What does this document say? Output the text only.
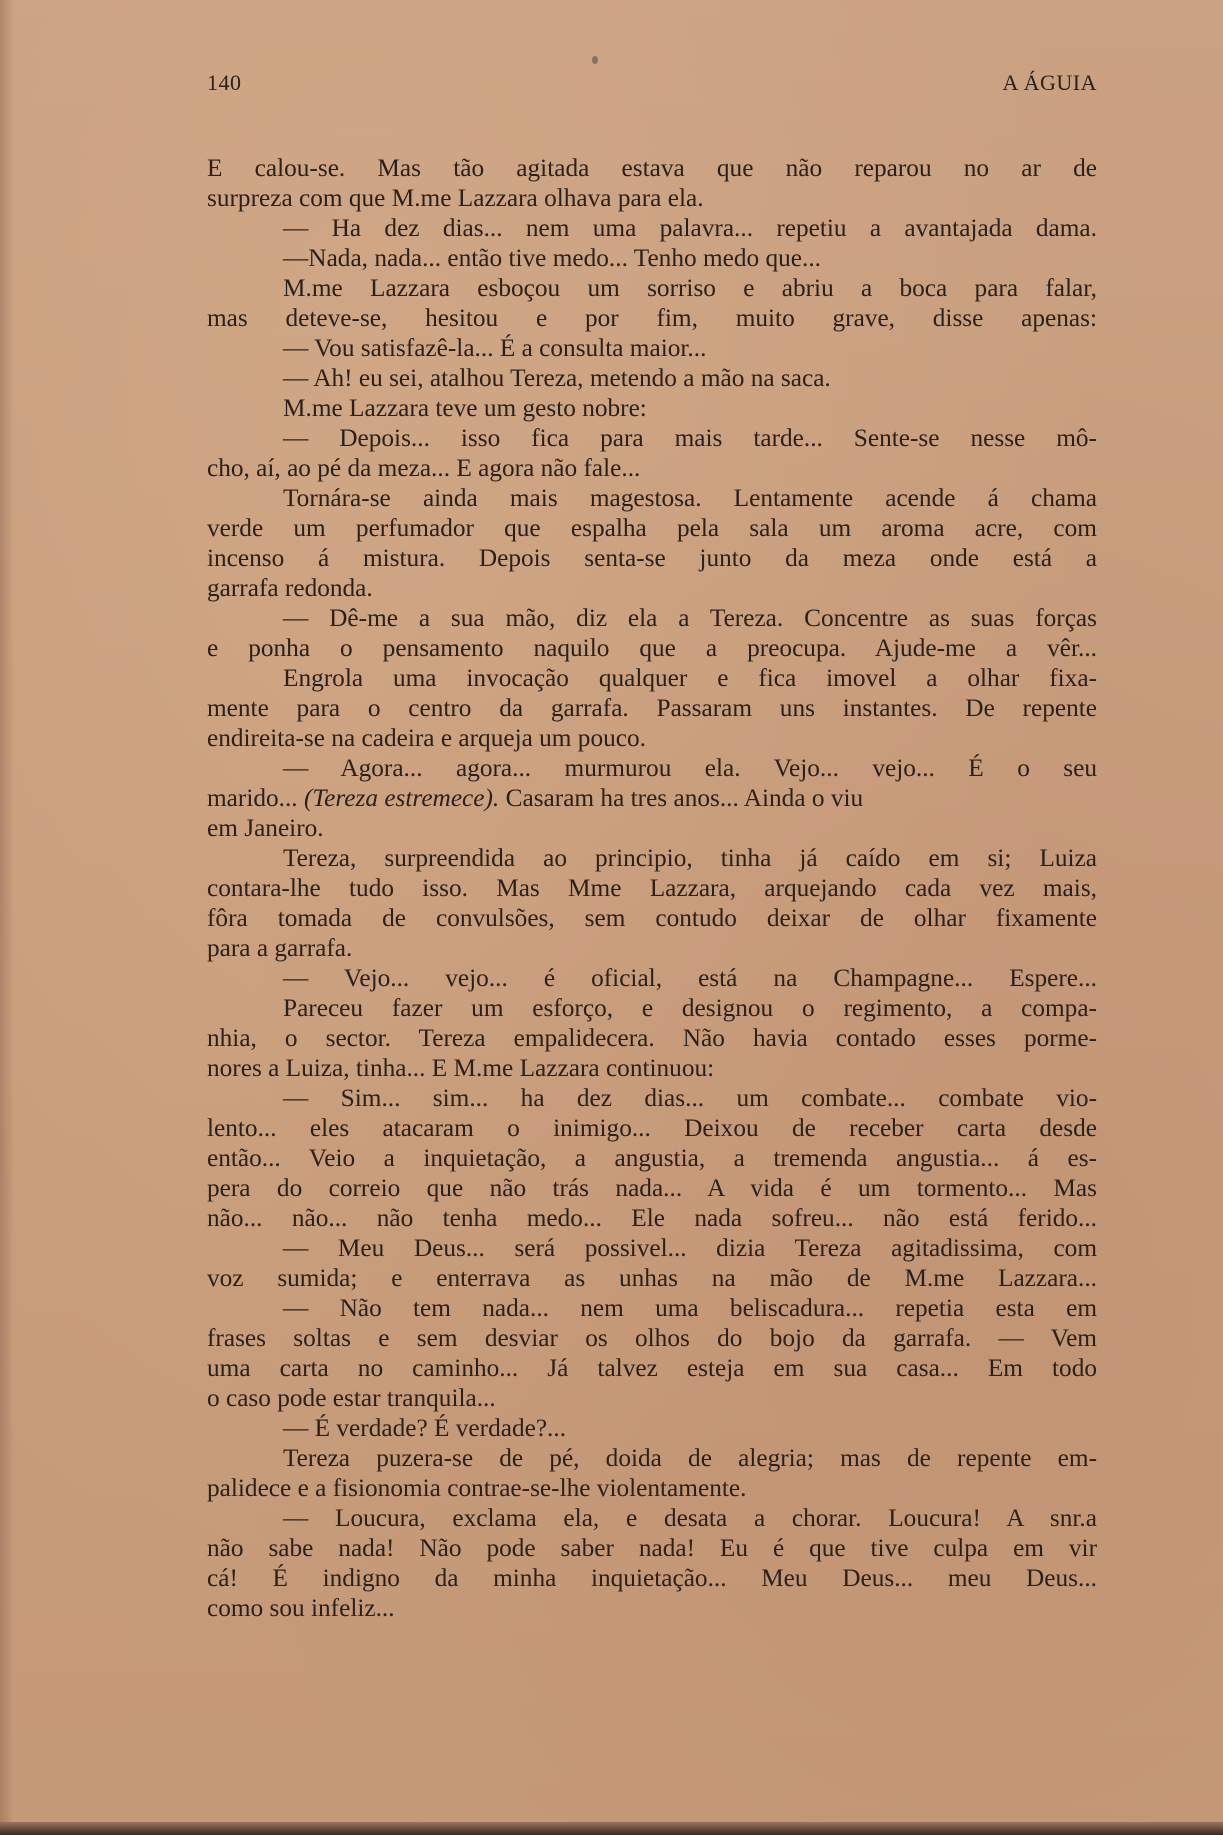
140	A ÁGUIA
E calou-se. Mas tão agitada estava que não reparou no ar de
surpreza com que M.me Lazzara olhava para ela.
— Ha dez dias... nem uma palavra... repetiu a avantajada dama.
—Nada, nada... então tive medo... Tenho medo que...
M.me Lazzara esboçou um sorriso e abriu a boca para falar,
mas deteve-se, hesitou e por fim, muito grave, disse apenas:
— Vou satisfazê-la... É a consulta maior...
— Ah! eu sei, atalhou Tereza, metendo a mão na saca.
M.me Lazzara teve um gesto nobre:
— Depois... isso fica para mais tarde... Sente-se nesse mô-
cho, aí, ao pé da meza... E agora não fale...
Tornára-se ainda mais magestosa. Lentamente acende á chama
verde um perfumador que espalha pela sala um aroma acre, com
incenso á mistura. Depois senta-se junto da meza onde está a
garrafa redonda.
— Dê-me a sua mão, diz ela a Tereza. Concentre as suas forças
e ponha o pensamento naquilo que a preocupa. Ajude-me a vêr...
Engrola uma invocação qualquer e fica imovel a olhar fixa-
mente para o centro da garrafa. Passaram uns instantes. De repente
endireita-se na cadeira e arqueja um pouco.
— Agora... agora... murmurou ela. Vejo... vejo... É o seu
marido... (Tereza estremece). Casaram ha tres anos... Ainda o viu
em Janeiro.
Tereza, surpreendida ao principio, tinha já caído em si; Luiza
contara-lhe tudo isso. Mas Mme Lazzara, arquejando cada vez mais,
fôra tomada de convulsões, sem contudo deixar de olhar fixamente
para a garrafa.
— Vejo... vejo... é oficial, está na Champagne... Espere...
Pareceu fazer um esforço, e designou o regimento, a compa-
nhia, o sector. Tereza empalidecera. Não havia contado esses porme-
nores a Luiza, tinha... E M.me Lazzara continuou:
— Sim... sim... ha dez dias... um combate... combate vio-
lento... eles atacaram o inimigo... Deixou de receber carta desde
então... Veio a inquietação, a angustia, a tremenda angustia... á es-
pera do correio que não trás nada... A vida é um tormento... Mas
não... não... não tenha medo... Ele nada sofreu... não está ferido...
— Meu Deus... será possivel... dizia Tereza agitadissima, com
voz sumida; e enterrava as unhas na mão de M.me Lazzara...
— Não tem nada... nem uma beliscadura... repetia esta em
frases soltas e sem desviar os olhos do bojo da garrafa. — Vem
uma carta no caminho... Já talvez esteja em sua casa... Em todo
o caso pode estar tranquila...
— É verdade? É verdade?...
Tereza puzera-se de pé, doida de alegria; mas de repente em-
palidece e a fisionomia contrae-se-lhe violentamente.
— Loucura, exclama ela, e desata a chorar. Loucura! A snr.a
não sabe nada! Não pode saber nada! Eu é que tive culpa em vir
cá! É indigno da minha inquietação... Meu Deus... meu Deus...
como sou infeliz...
